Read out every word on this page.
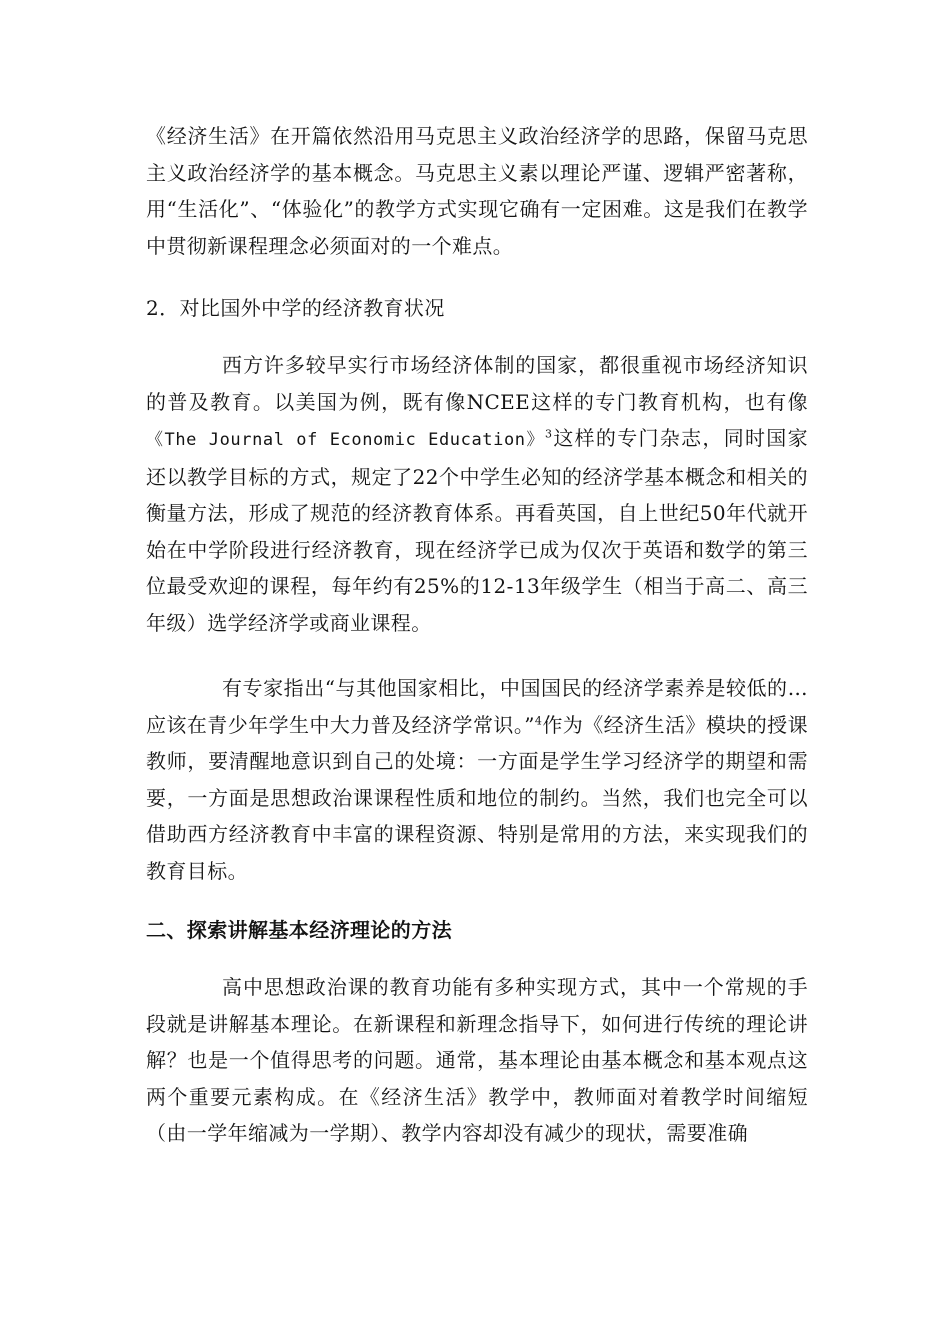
《经济生活》在开篇依然沿用马克思主义政治经济学的思路，保留马克思主义政治经济学的基本概念。马克思主义素以理论严谨、逻辑严密著称，用“生活化”、“体验化”的教学方式实现它确有一定困难。这是我们在教学中贯彻新课程理念必须面对的一个难点。

2．对比国外中学的经济教育状况

西方许多较早实行市场经济体制的国家，都很重视市场经济知识的普及教育。以美国为例，既有像NCEE这样的专门教育机构，也有像《The Journal of Economic Education》$^3$这样的专门杂志，同时国家还以教学目标的方式，规定了22个中学生必知的经济学基本概念和相关的衡量方法，形成了规范的经济教育体系。再看英国，自上世纪50年代就开始在中学阶段进行经济教育，现在经济学已成为仅次于英语和数学的第三位最受欢迎的课程，每年约有25%的12-13年级学生（相当于高二、高三年级）选学经济学或商业课程。

有专家指出“与其他国家相比，中国国民的经济学素养是较低的…应该在青少年学生中大力普及经济学常识。”$^4$作为《经济生活》模块的授课教师，要清醒地意识到自己的处境：一方面是学生学习经济学的期望和需要，一方面是思想政治课课程性质和地位的制约。当然，我们也完全可以借助西方经济教育中丰富的课程资源、特别是常用的方法，来实现我们的教育目标。

二、探索讲解基本经济理论的方法

高中思想政治课的教育功能有多种实现方式，其中一个常规的手段就是讲解基本理论。在新课程和新理念指导下，如何进行传统的理论讲解？也是一个值得思考的问题。通常，基本理论由基本概念和基本观点这两个重要元素构成。在《经济生活》教学中，教师面对着教学时间缩短（由一学年缩减为一学期）、教学内容却没有减少的现状，需要准确
